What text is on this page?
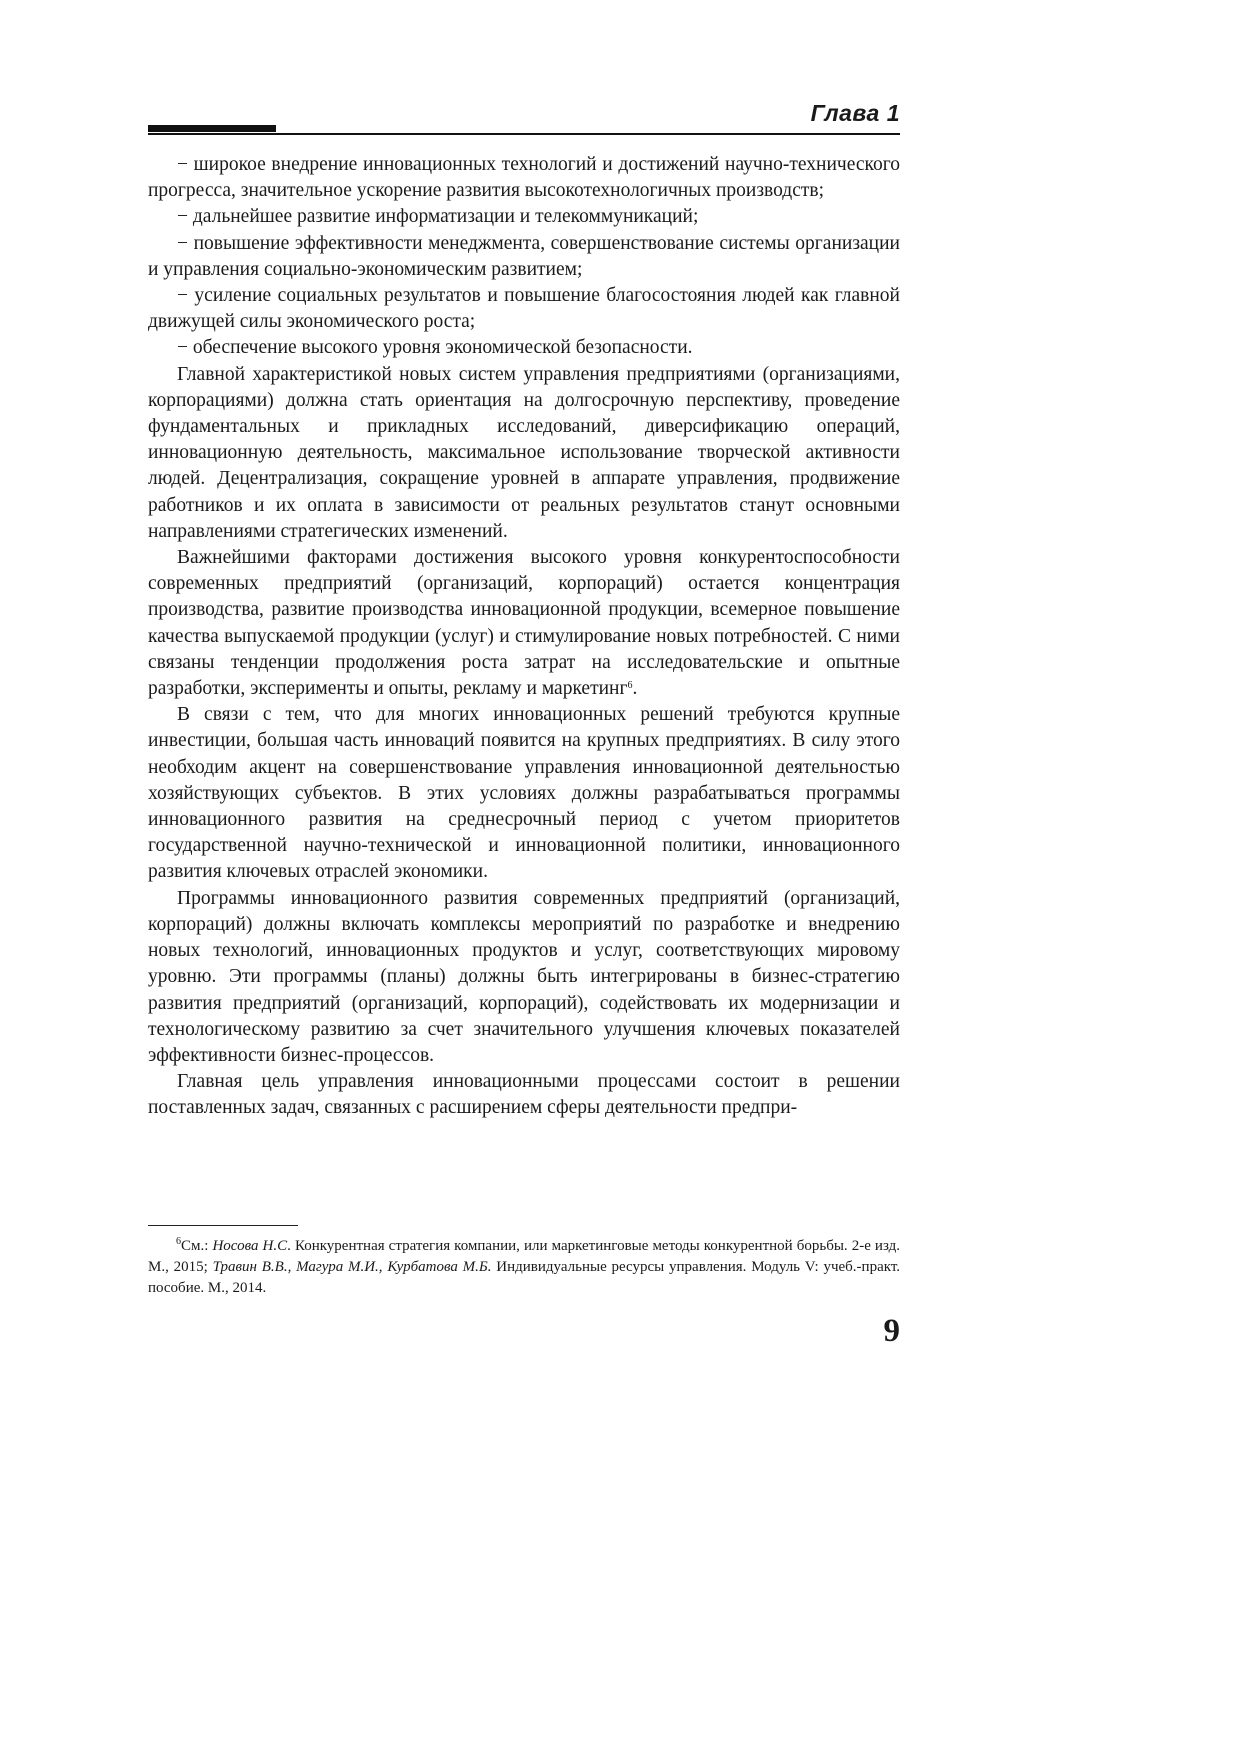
Глава 1

− широкое внедрение инновационных технологий и достижений научно-технического прогресса, значительное ускорение развития высокотехнологичных производств;

− дальнейшее развитие информатизации и телекоммуникаций;

− повышение эффективности менеджмента, совершенствование системы организации и управления социально-экономическим развитием;

− усиление социальных результатов и повышение благосостояния людей как главной движущей силы экономического роста;

− обеспечение высокого уровня экономической безопасности.

Главной характеристикой новых систем управления предприятиями (организациями, корпорациями) должна стать ориентация на долгосрочную перспективу, проведение фундаментальных и прикладных исследований, диверсификацию операций, инновационную деятельность, максимальное использование творческой активности людей. Децентрализация, сокращение уровней в аппарате управления, продвижение работников и их оплата в зависимости от реальных результатов станут основными направлениями стратегических изменений.

Важнейшими факторами достижения высокого уровня конкурентоспособности современных предприятий (организаций, корпораций) остается концентрация производства, развитие производства инновационной продукции, всемерное повышение качества выпускаемой продукции (услуг) и стимулирование новых потребностей. С ними связаны тенденции продолжения роста затрат на исследовательские и опытные разработки, эксперименты и опыты, рекламу и маркетинг$^6$.

В связи с тем, что для многих инновационных решений требуются крупные инвестиции, большая часть инноваций появится на крупных предприятиях. В силу этого необходим акцент на совершенствование управления инновационной деятельностью хозяйствующих субъектов. В этих условиях должны разрабатываться программы инновационного развития на среднесрочный период с учетом приоритетов государственной научно-технической и инновационной политики, инновационного развития ключевых отраслей экономики.

Программы инновационного развития современных предприятий (организаций, корпораций) должны включать комплексы мероприятий по разработке и внедрению новых технологий, инновационных продуктов и услуг, соответствующих мировому уровню. Эти программы (планы) должны быть интегрированы в бизнес-стратегию развития предприятий (организаций, корпораций), содействовать их модернизации и технологическому развитию за счет значительного улучшения ключевых показателей эффективности бизнес-процессов.

Главная цель управления инновационными процессами состоит в решении поставленных задач, связанных с расширением сферы деятельности предпри-

$^6$См.: Носова Н.С. Конкурентная стратегия компании, или маркетинговые методы конкурентной борьбы. 2-е изд. М., 2015; Травин В.В., Магура М.И., Курбатова М.Б. Индивидуальные ресурсы управления. Модуль V: учеб.-практ. пособие. М., 2014.
9
